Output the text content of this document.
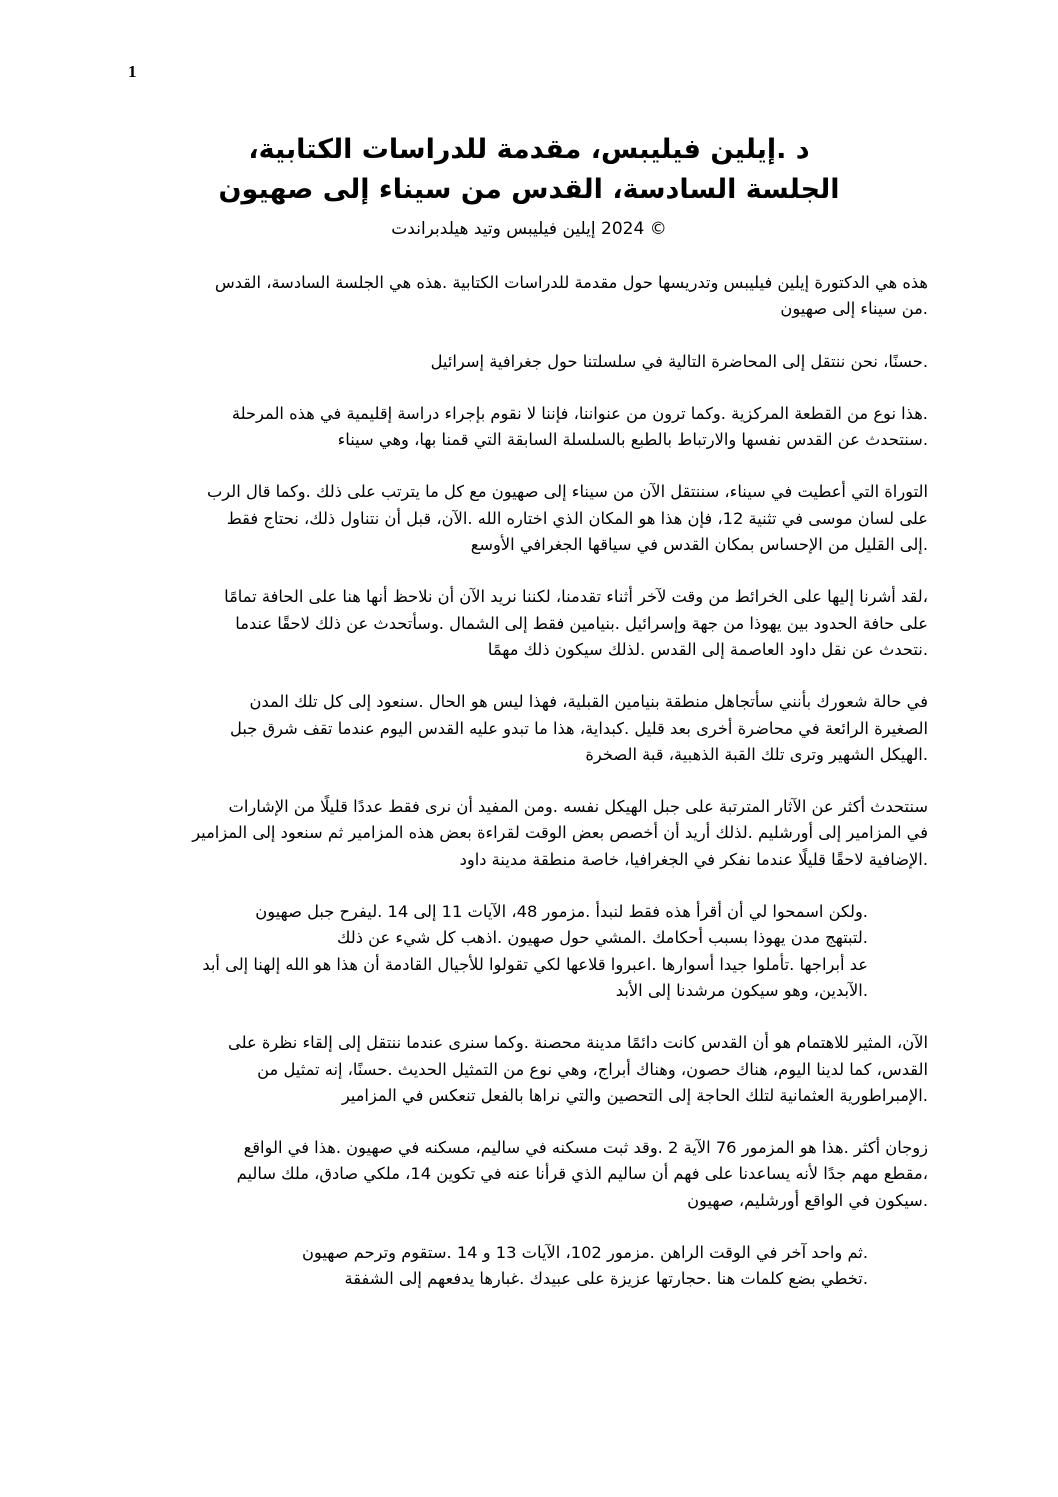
1
د .إيلين فيليبس، مقدمة للدراسات الكتابية،
الجلسة السادسة، القدس من سيناء إلى صهيون
© 2024 إيلين فيليبس وتيد هيلدبراندت
هذه هي الدكتورة إيلين فيليبس وتدريسها حول مقدمة للدراسات الكتابية .هذه هي الجلسة السادسة، القدس
.من سيناء إلى صهيون
.حسنًا، نحن ننتقل إلى المحاضرة التالية في سلسلتنا حول جغرافية إسرائيل
.هذا نوع من القطعة المركزية .وكما ترون من عنواننا، فإننا لا نقوم بإجراء دراسة إقليمية في هذه المرحلة
.سنتحدث عن القدس نفسها والارتباط بالطبع بالسلسلة السابقة التي قمنا بها، وهي سيناء
التوراة التي أعطيت في سيناء، سننتقل الآن من سيناء إلى صهيون مع كل ما يترتب على ذلك .وكما قال الرب
على لسان موسى في تثنية 12، فإن هذا هو المكان الذي اختاره الله .الآن، قبل أن نتناول ذلك، نحتاج فقط
.إلى القليل من الإحساس بمكان القدس في سياقها الجغرافي الأوسع
،لقد أشرنا إليها على الخرائط من وقت لآخر أثناء تقدمنا، لكننا نريد الآن أن نلاحظ أنها هنا على الحافة تمامًا
على حافة الحدود بين يهوذا من جهة وإسرائيل .بنيامين فقط إلى الشمال .وسأتحدث عن ذلك لاحقًا عندما
.نتحدث عن نقل داود العاصمة إلى القدس .لذلك سيكون ذلك مهمًا
في حالة شعورك بأنني سأتجاهل منطقة بنيامين القبلية، فهذا ليس هو الحال .سنعود إلى كل تلك المدن
الصغيرة الرائعة في محاضرة أخرى بعد قليل .كبداية، هذا ما تبدو عليه القدس اليوم عندما تقف شرق جبل
.الهيكل الشهير وترى تلك القبة الذهبية، قبة الصخرة
سنتحدث أكثر عن الآثار المترتبة على جبل الهيكل نفسه .ومن المفيد أن نرى فقط عددًا قليلًا من الإشارات
في المزامير إلى أورشليم .لذلك أريد أن أخصص بعض الوقت لقراءة بعض هذه المزامير ثم سنعود إلى المزامير
.الإضافية لاحقًا قليلًا عندما نفكر في الجغرافيا، خاصة منطقة مدينة داود
.ولكن اسمحوا لي أن أقرأ هذه فقط لنبدأ .مزمور 48، الآيات 11 إلى 14 .ليفرح جبل صهيون
.لتبتهج مدن يهوذا بسبب أحكامك .المشي حول صهيون .اذهب كل شيء عن ذلك
عد أبراجها .تأملوا جيدا أسوارها .اعبروا قلاعها لكي تقولوا للأجيال القادمة أن هذا هو الله إلهنا إلى أبد
.الآبدين، وهو سيكون مرشدنا إلى الأبد
الآن، المثير للاهتمام هو أن القدس كانت دائمًا مدينة محصنة .وكما سنرى عندما ننتقل إلى إلقاء نظرة على
القدس، كما لدينا اليوم، هناك حصون، وهناك أبراج، وهي نوع من التمثيل الحديث .حسنًا، إنه تمثيل من
.الإمبراطورية العثمانية لتلك الحاجة إلى التحصين والتي نراها بالفعل تنعكس في المزامير
زوجان أكثر .هذا هو المزمور 76 الآية 2 .وقد ثبت مسكنه في ساليم، مسكنه في صهيون .هذا في الواقع
،مقطع مهم جدًا لأنه يساعدنا على فهم أن ساليم الذي قرأنا عنه في تكوين 14، ملكي صادق، ملك ساليم
.سيكون في الواقع أورشليم، صهيون
.ثم واحد آخر في الوقت الراهن .مزمور 102، الآيات 13 و 14 .ستقوم وترحم صهيون
.تخطي بضع كلمات هنا .حجارتها عزيزة على عبيدك .غبارها يدفعهم إلى الشفقة
